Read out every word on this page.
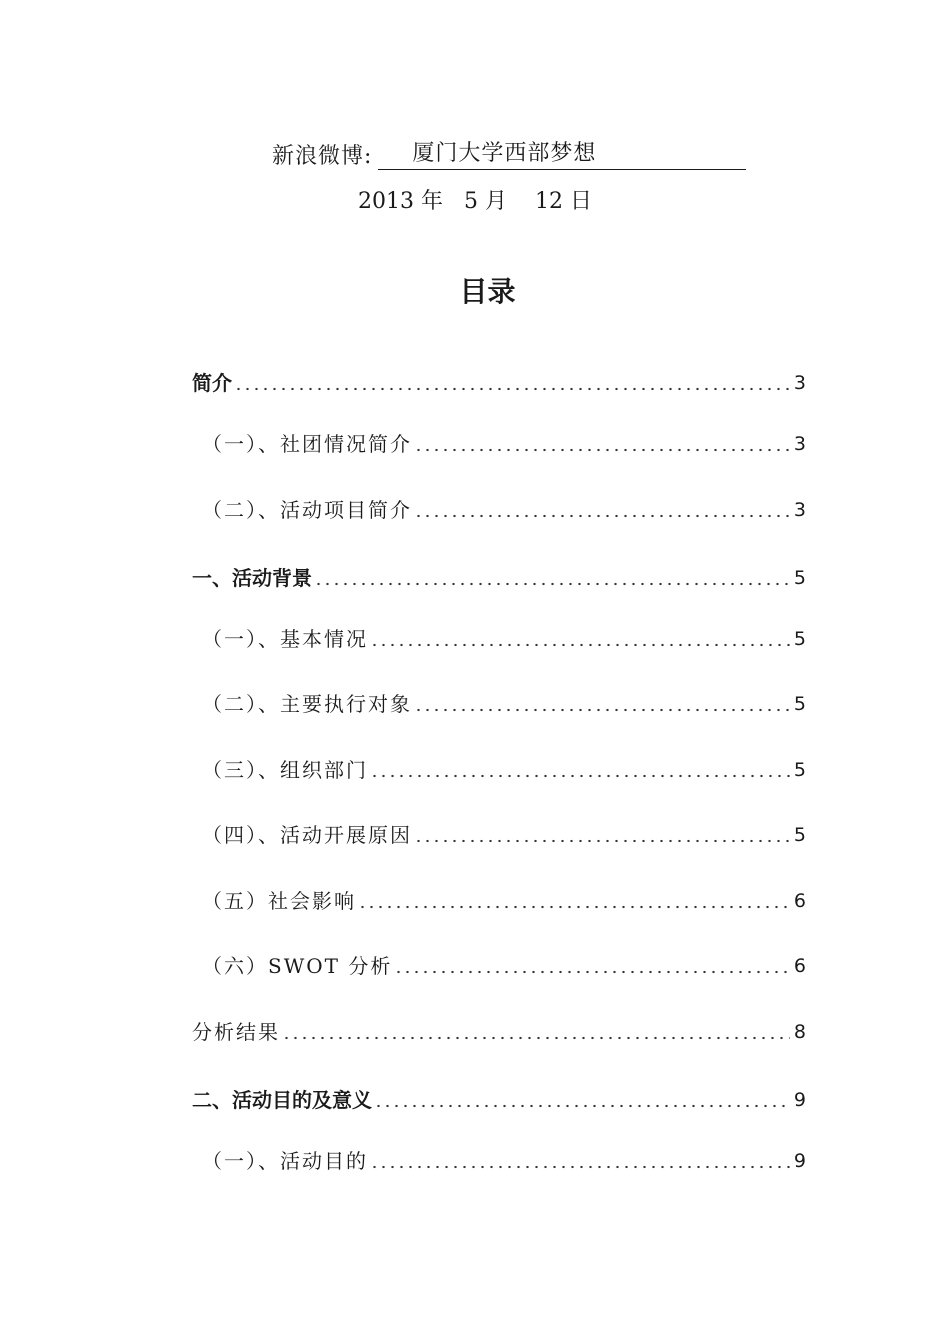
新浪微博:	厦门大学西部梦想
2013 年   5 月    12 日
目录
简介	3
（一）、社团情况简介	3
（二）、活动项目简介	3
一、活动背景	5
（一）、基本情况	5
（二）、主要执行对象	5
（三）、组织部门	5
（四）、活动开展原因	5
（五）社会影响	6
（六）SWOT 分析	6
分析结果	8
二、活动目的及意义	9
（一）、活动目的	9
